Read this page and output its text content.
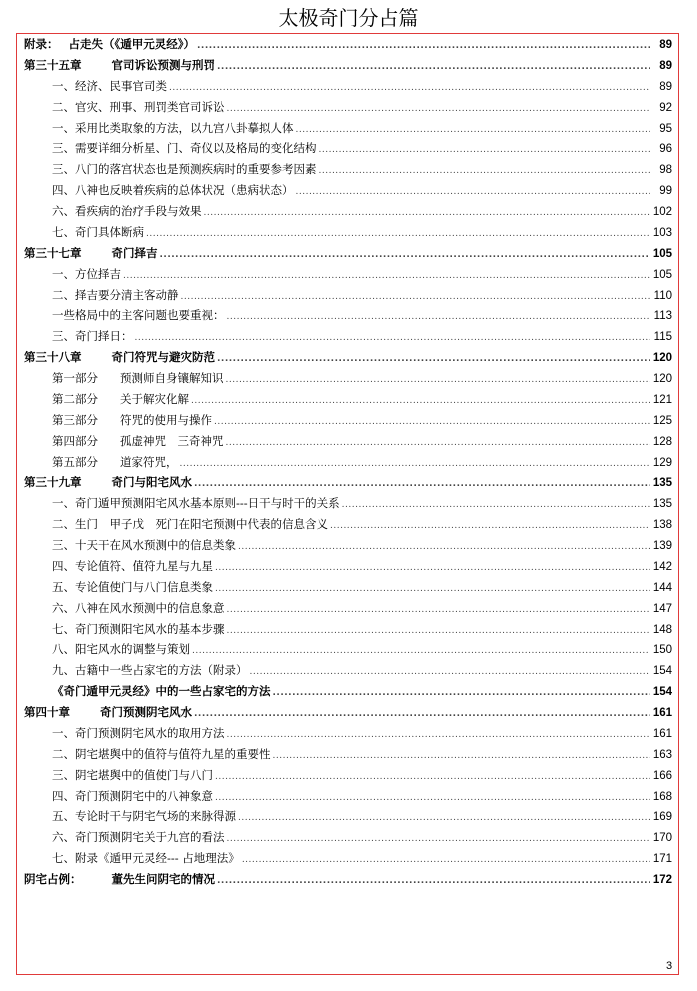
太极奇门分占篇
附录： 占走失（《遁甲元灵经》） .....	89
第三十五章	官司诉讼预测与刑罚 .....	89
一、经济、民事官司类 .....	89
二、官灾、刑事、刑罚类官司诉讼 .....	92
一、采用比类取象的方法，以九宫八卦摹拟人体 .....	95
三、需要详细分析星、门、奇仪以及格局的变化结构 .....	96
三、八门的落宫状态也是预测疾病时的重要参考因素 .....	98
四、八神也反映着疾病的总体状况（患病状态） .....	99
六、看疾病的治疗手段与效果 .....	102
七、奇门具体断病 .....	103
第三十七章	奇门择吉 .....	105
一、方位择吉 .....	105
二、择吉要分清主客动静 .....	110
一些格局中的主客问题也要重视： .....	113
三、奇门择日： .....	115
第三十八章	奇门符咒与避灾防范 .....	120
第一部分 预测师自身镶解知识 .....	120
第二部分 关于解灾化解 .....	121
第三部分 符咒的使用与操作 .....	125
第四部分 孤虚神咒　三奇神咒 .....	128
第五部分 道家符咒， .....	129
第三十九章	奇门与阳宅风水 .....	135
一、奇门遁甲预测阳宅风水基本原则---日干与时干的关系 .....	135
二、生门　甲子戊　死门在阳宅预测中代表的信息含义 .....	138
三、十天干在风水预测中的信息类象 .....	139
四、专论值符、值符九星与九星 .....	142
五、专论值使门与八门信息类象 .....	144
六、八神在风水预测中的信息象意 .....	147
七、奇门预测阳宅风水的基本步骤 .....	148
八、阳宅风水的调整与策划 .....	150
九、古籍中一些占家宅的方法（附录） .....	154
《奇门遁甲元灵经》中的一些占家宅的方法 .....	154
第四十章	奇门预测阴宅风水 .....	161
一、奇门预测阴宅风水的取用方法 .....	161
二、阴宅堪舆中的值符与值符九星的重要性 .....	163
三、阴宅堪舆中的值使门与八门 .....	166
四、奇门预测阴宅中的八神象意 .....	168
五、专论时干与阴宅气场的来脉得源 .....	169
六、奇门预测阴宅关于九宫的看法 .....	170
七、附录《遁甲元灵经--- 占地理法》 .....	171
阴宅占例：	董先生问阴宅的情况 .....	172
3
